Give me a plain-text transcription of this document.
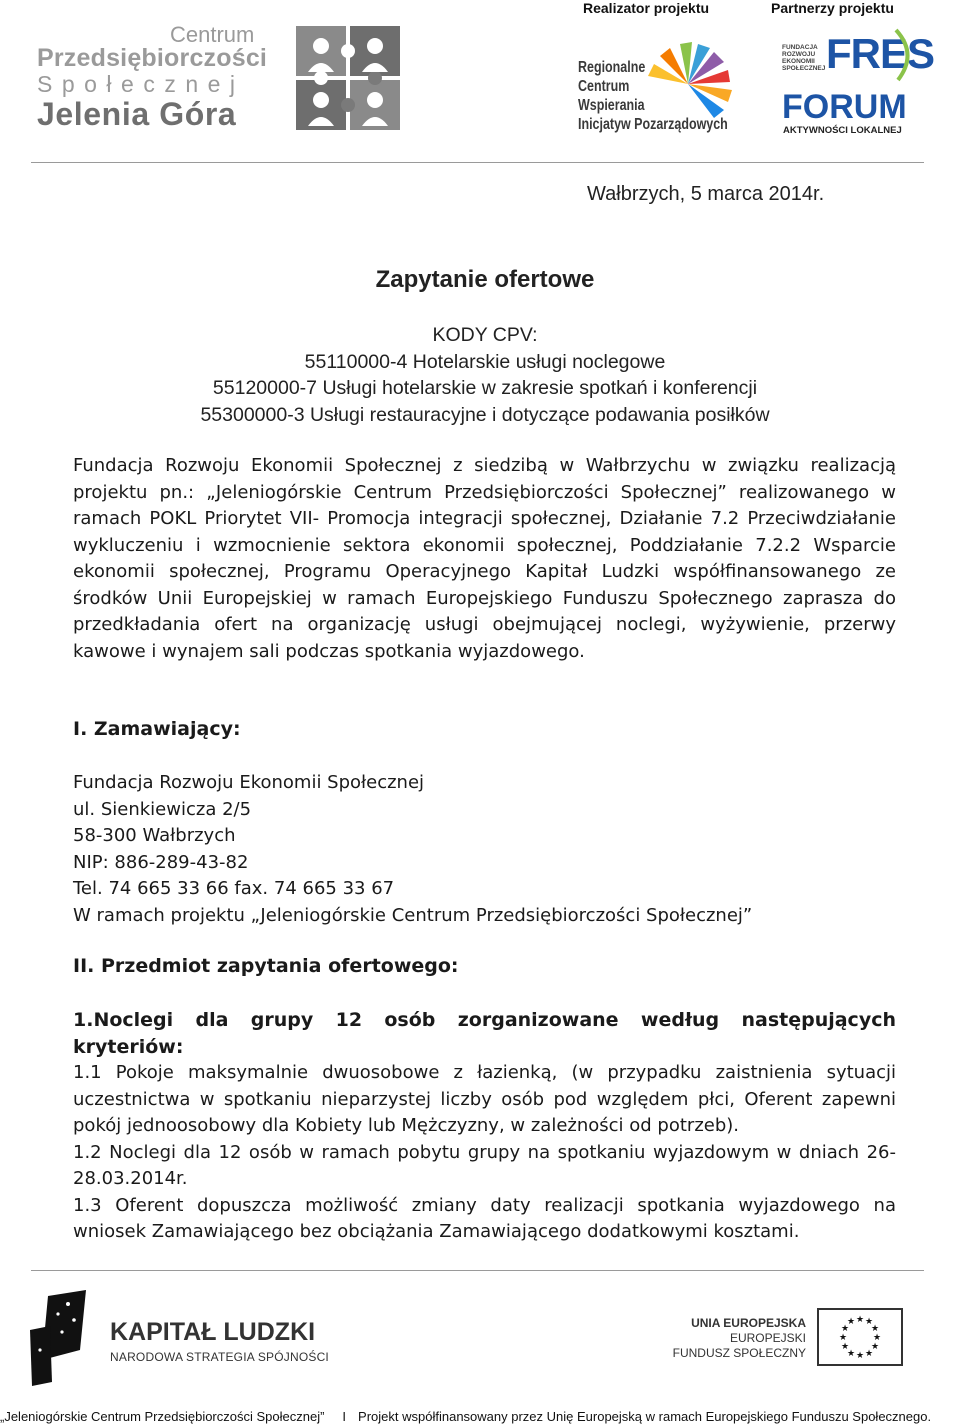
Realizator projektu	Partnerzy projektu
Centrum
Przedsiębiorczości
Społecznej
Jelenia Góra
Regionalne
Centrum
Wspierania
Inicjatyw Pozarządowych
FUNDACJA
ROZWOJU
EKONOMII
SPOŁECZNEJ FRES
FORUM
AKTYWNOŚCI LOKALNEJ
Wałbrzych, 5 marca 2014r.
Zapytanie ofertowe
KODY CPV:
55110000-4 Hotelarskie usługi noclegowe
55120000-7 Usługi hotelarskie w zakresie spotkań i konferencji
55300000-3 Usługi restauracyjne i dotyczące podawania posiłków
Fundacja Rozwoju Ekonomii Społecznej z siedzibą w Wałbrzychu w związku realizacją projektu pn.: „Jeleniogórskie Centrum Przedsiębiorczości Społecznej” realizowanego w ramach POKL Priorytet VII- Promocja integracji społecznej, Działanie 7.2 Przeciwdziałanie wykluczeniu i wzmocnienie sektora ekonomii społecznej, Poddziałanie 7.2.2 Wsparcie ekonomii społecznej, Programu Operacyjnego Kapitał Ludzki współfinansowanego ze środków Unii Europejskiej w ramach Europejskiego Funduszu Społecznego zaprasza do przedkładania ofert na organizację usługi obejmującej noclegi, wyżywienie, przerwy kawowe i wynajem sali podczas spotkania wyjazdowego.
I. Zamawiający:
Fundacja Rozwoju Ekonomii Społecznej
ul. Sienkiewicza 2/5
58-300 Wałbrzych
NIP: 886-289-43-82
Tel. 74 665 33 66 fax. 74 665 33 67
W ramach projektu „Jeleniogórskie Centrum Przedsiębiorczości Społecznej”
II. Przedmiot zapytania ofertowego:
1.Noclegi dla grupy 12 osób zorganizowane według następujących kryteriów:

1.1 Pokoje maksymalnie dwuosobowe z łazienką, (w przypadku zaistnienia sytuacji uczestnictwa w spotkaniu nieparzystej liczby osób pod względem płci, Oferent zapewni pokój jednoosobowy dla Kobiety lub Mężczyzny, w zależności od potrzeb).

1.2 Noclegi dla 12 osób w ramach pobytu grupy na spotkaniu wyjazdowym w dniach 26-28.03.2014r.

1.3 Oferent dopuszcza możliwość zmiany daty realizacji spotkania wyjazdowego na wniosek Zamawiającego bez obciążania Zamawiającego dodatkowymi kosztami.

KAPITAŁ LUDZKI
NARODOWA STRATEGIA SPÓJNOŚCI
UNIA EUROPEJSKA
EUROPEJSKI
FUNDUSZ SPOŁECZNY
★ ★
★
★
★
★
★
★
★
★
★
★
„Jeleniogórskie Centrum Przedsiębiorczości Społecznej” I Projekt współfinansowany przez Unię Europejską w ramach Europejskiego Funduszu Społecznego.
